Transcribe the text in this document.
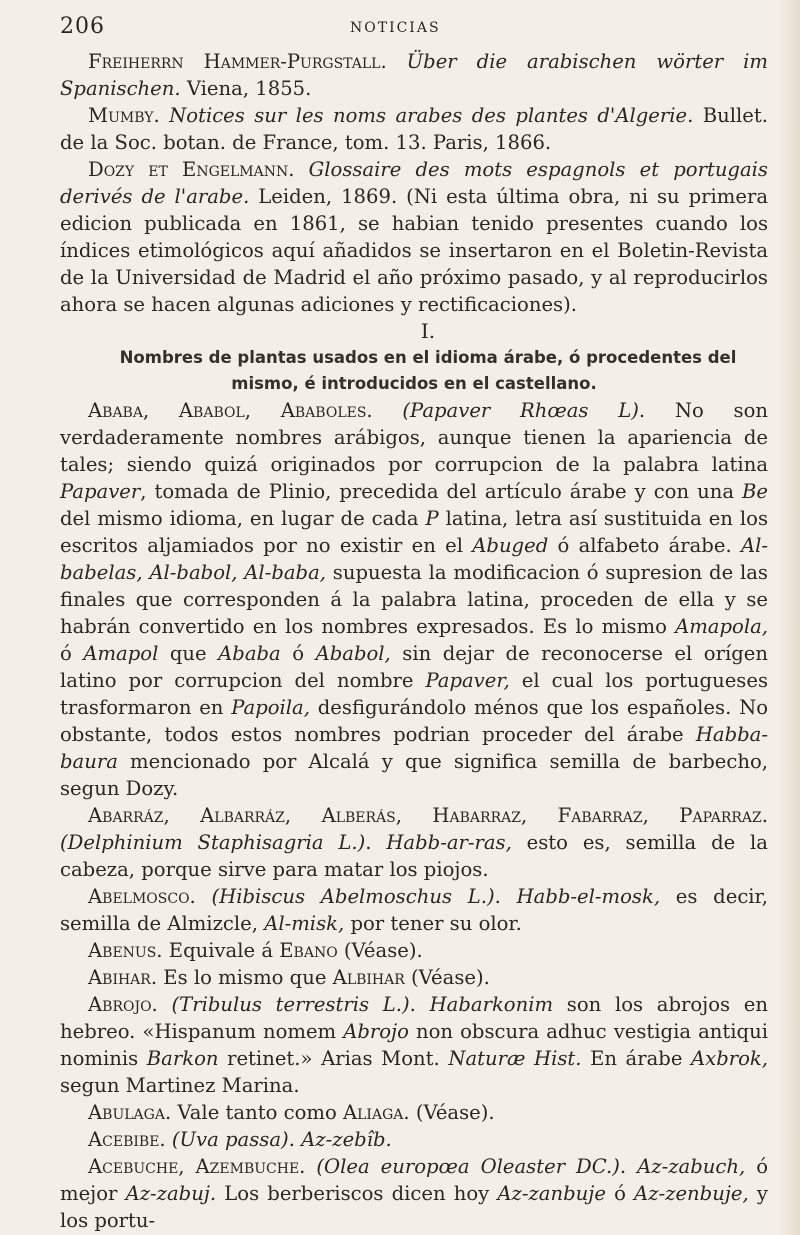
206	NOTICIAS

Freiherrn Hammer-Purgstall. Über die arabischen wörter im Spanischen. Viena, 1855.

Mumby. Notices sur les noms arabes des plantes d'Algerie. Bullet. de la Soc. botan. de France, tom. 13. Paris, 1866.

Dozy et Engelmann. Glossaire des mots espagnols et portugais derivés de l'arabe. Leiden, 1869. (Ni esta última obra, ni su primera edicion publicada en 1861, se habian tenido presentes cuando los índices etimológicos aquí añadidos se insertaron en el Boletin-Revista de la Universidad de Madrid el año próximo pasado, y al reproducirlos ahora se hacen algunas adiciones y rectificaciones).

I.

Nombres de plantas usados en el idioma árabe, ó procedentes del mismo, é introducidos en el castellano.

Ababa, Ababol, Ababoles. (Papaver Rhœas L). No son verdaderamente nombres arábigos, aunque tienen la apariencia de tales; siendo quizá originados por corrupcion de la palabra latina Papaver, tomada de Plinio, precedida del artículo árabe y con una Be del mismo idioma, en lugar de cada P latina, letra así sustituida en los escritos aljamiados por no existir en el Abuged ó alfabeto árabe. Al-babelas, Al-babol, Al-baba, supuesta la modificacion ó supresion de las finales que corresponden á la palabra latina, proceden de ella y se habrán convertido en los nombres expresados. Es lo mismo Amapola, ó Amapol que Ababa ó Ababol, sin dejar de reconocerse el orígen latino por corrupcion del nombre Papaver, el cual los portugueses trasformaron en Papoila, desfigurándolo ménos que los españoles. No obstante, todos estos nombres podrian proceder del árabe Habba-baura mencionado por Alcalá y que significa semilla de barbecho, segun Dozy.

Abarráz, Albarráz, Alberás, Habarraz, Fabarraz, Paparraz. (Delphinium Staphisagria L.). Habb-ar-ras, esto es, semilla de la cabeza, porque sirve para matar los piojos.

Abelmosco. (Hibiscus Abelmoschus L.). Habb-el-mosk, es decir, semilla de Almizcle, Al-misk, por tener su olor.

Abenus. Equivale á Ebano (Véase).

Abihar. Es lo mismo que Albihar (Véase).

Abrojo. (Tribulus terrestris L.). Habarkonim son los abrojos en hebreo. «Hispanum nomem Abrojo non obscura adhuc vestigia antiqui nominis Barkon retinet.» Arias Mont. Naturæ Hist. En árabe Axbrok, segun Martinez Marina.

Abulaga. Vale tanto como Aliaga. (Véase).

Acebibe. (Uva passa). Az-zebîb.

Acebuche, Azembuche. (Olea europœa Oleaster DC.). Az-zabuch, ó mejor Az-zabuj. Los berberiscos dicen hoy Az-zanbuje ó Az-zenbuje, y los portu-
